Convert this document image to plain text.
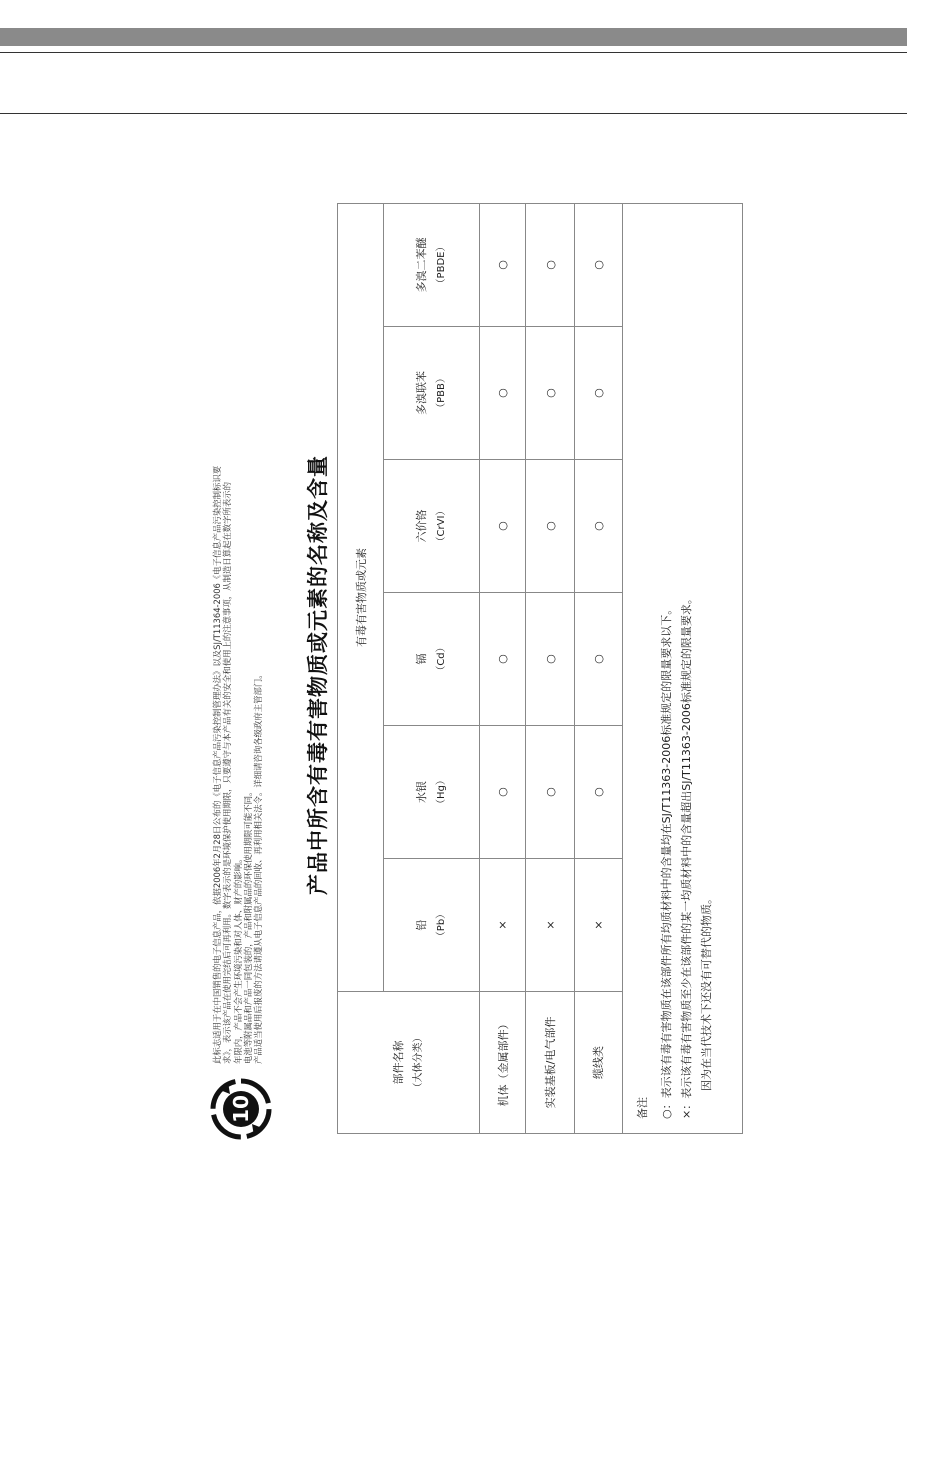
10
此标志适用于在中国销售的电子信息产品，依据2006年2月28日公布的《电子信息产品污染控制管理办法》以及SJ/T11364-2006《电子信息产品污染控制标识要 求》，表示该产品在使用完结后可再利用。数字表示的是环境保护使用期限，只要遵守与本产品有关的安全和使用上的注意事项，从制造日算起在数字所表示的 年限内，产品不会产生环境污染和对人体、财产的影响。 电池等附属品和产品一同包装的，产品和附属品的环保使用期限可能不同。 产品适当使用后报废的方法请遵从电子信息产品的回收、再利用相关法令。详细请咨询各级政府主管部门。 产品中所含有毒有害物质或元素的名称及含量
部件名称 （大体分类）	有毒有害物质或元素					
	铅 （Pb）	水银 （Hg）	镉 （Cd）	六价铬 （CrVI）	多溴联苯 （PBB）	多溴二苯醚 （PBDE）

机体（金属部件）	×	○	○	○	○	○
实装基板/电气部件	×	○	○	○	○	○
缆线类	×	○	○	○	○	○

备注 ○：表示该有毒有害物质在该部件所有均质材料中的含量均在SJ/T11363-2006标准规定的限量要求以下。 ×：表示该有毒有害物质至少在该部件的某一均质材料中的含量超出SJ/T11363-2006标准规定的限量要求。 因为在当代技术下还没有可替代的物质。						
